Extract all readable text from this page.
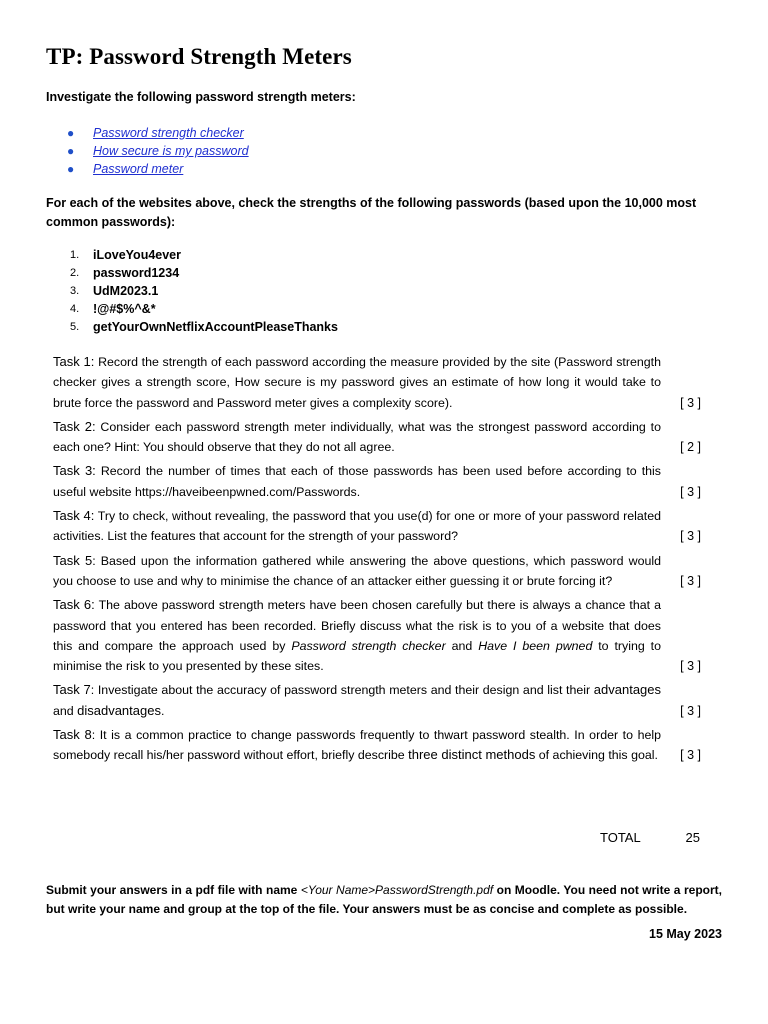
TP: Password Strength Meters
Investigate the following password strength meters:
● Password strength checker
● How secure is my password
● Password meter
For each of the websites above, check the strengths of the following passwords (based upon the 10,000 most common passwords):
1. iLoveYou4ever
2. password1234
3. UdM2023.1
4. !@#$%^&*
5. getYourOwnNetflixAccountPleaseThanks
Task 1: Record the strength of each password according the measure provided by the site (Password strength checker gives a strength score, How secure is my password gives an estimate of how long it would take to brute force the password and Password meter gives a complexity score).	[ 3 ]
Task 2: Consider each password strength meter individually, what was the strongest password according to each one? Hint: You should observe that they do not all agree.	[ 2 ]
Task 3: Record the number of times that each of those passwords has been used before according to this useful website https://haveibeenpwned.com/Passwords.	[ 3 ]
Task 4: Try to check, without revealing, the password that you use(d) for one or more of your password related activities. List the features that account for the strength of your password?	[ 3 ]
Task 5: Based upon the information gathered while answering the above questions, which password would you choose to use and why to minimise the chance of an attacker either guessing it or brute forcing it?	[ 3 ]
Task 6: The above password strength meters have been chosen carefully but there is always a chance that a password that you entered has been recorded. Briefly discuss what the risk is to you of a website that does this and compare the approach used by Password strength checker and Have I been pwned to trying to minimise the risk to you presented by these sites.	[ 3 ]
Task 7: Investigate about the accuracy of password strength meters and their design and list their advantages and disadvantages.	[ 3 ]
Task 8: It is a common practice to change passwords frequently to thwart password stealth. In order to help somebody recall his/her password without effort, briefly describe three distinct methods of achieving this goal.	[ 3 ]
TOTAL	25
Submit your answers in a pdf file with name <Your Name>PasswordStrength.pdf on Moodle. You need not write a report, but write your name and group at the top of the file. Your answers must be as concise and complete as possible.
15 May 2023
